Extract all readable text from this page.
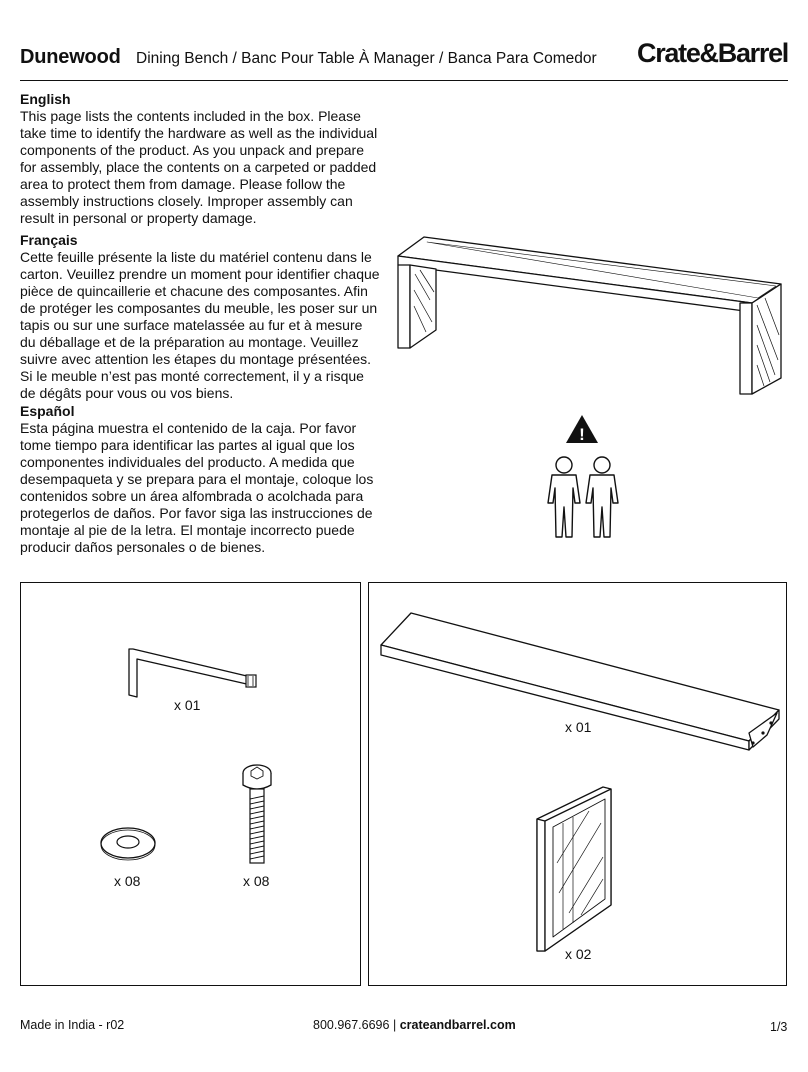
Dunewood Dining Bench / Banc Pour Table À Manager / Banca Para Comedor Crate&Barrel
English

This page lists the contents included in the box. Please take time to identify the hardware as well as the individual components of the product. As you unpack and prepare for assembly, place the contents on a carpeted or padded area to protect them from damage. Please follow the assembly instructions closely. Improper assembly can result in personal or property damage.

Français

Cette feuille présente la liste du matériel contenu dans le carton. Veuillez prendre un moment pour identifier chaque pièce de quincaillerie et chacune des composantes. Afin de protéger les composantes du meuble, les poser sur un tapis ou sur une surface matelassée au fur et à mesure du déballage et de la préparation au montage. Veuillez suivre avec attention les étapes du montage présentées. Si le meuble n’est pas monté correctement, il y a risque de dégâts pour vous ou vos biens.

Español

Esta página muestra el contenido de la caja. Por favor tome tiempo para identificar las partes al igual que los componentes individuales del producto. A medida que desempaqueta y se prepara para el montaje, coloque los contenidos sobre un área alfombrada o acolchada para protegerlos de daños. Por favor siga las instrucciones de montaje al pie de la letra. El montaje incorrecto puede producir daños personales o de bienes.

!
x 01
x 08	x 08
x 01
x 02
Made in India - r02	800.967.6696 | crateandbarrel.com	1/3
